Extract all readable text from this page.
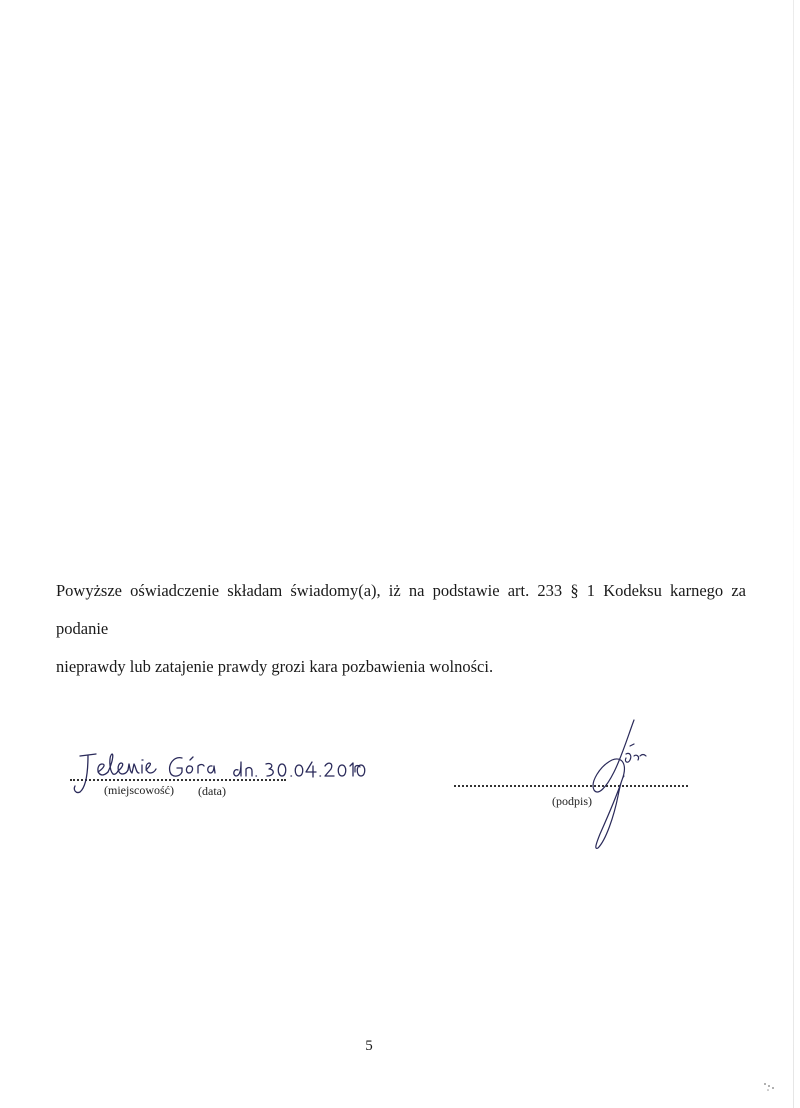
Powyższe oświadczenie składam świadomy(a), iż na podstawie art. 233 § 1 Kodeksu karnego za podanie
nieprawdy lub zatajenie prawdy grozi kara pozbawienia wolności.

(miejscowość) (data)
(podpis)
5
